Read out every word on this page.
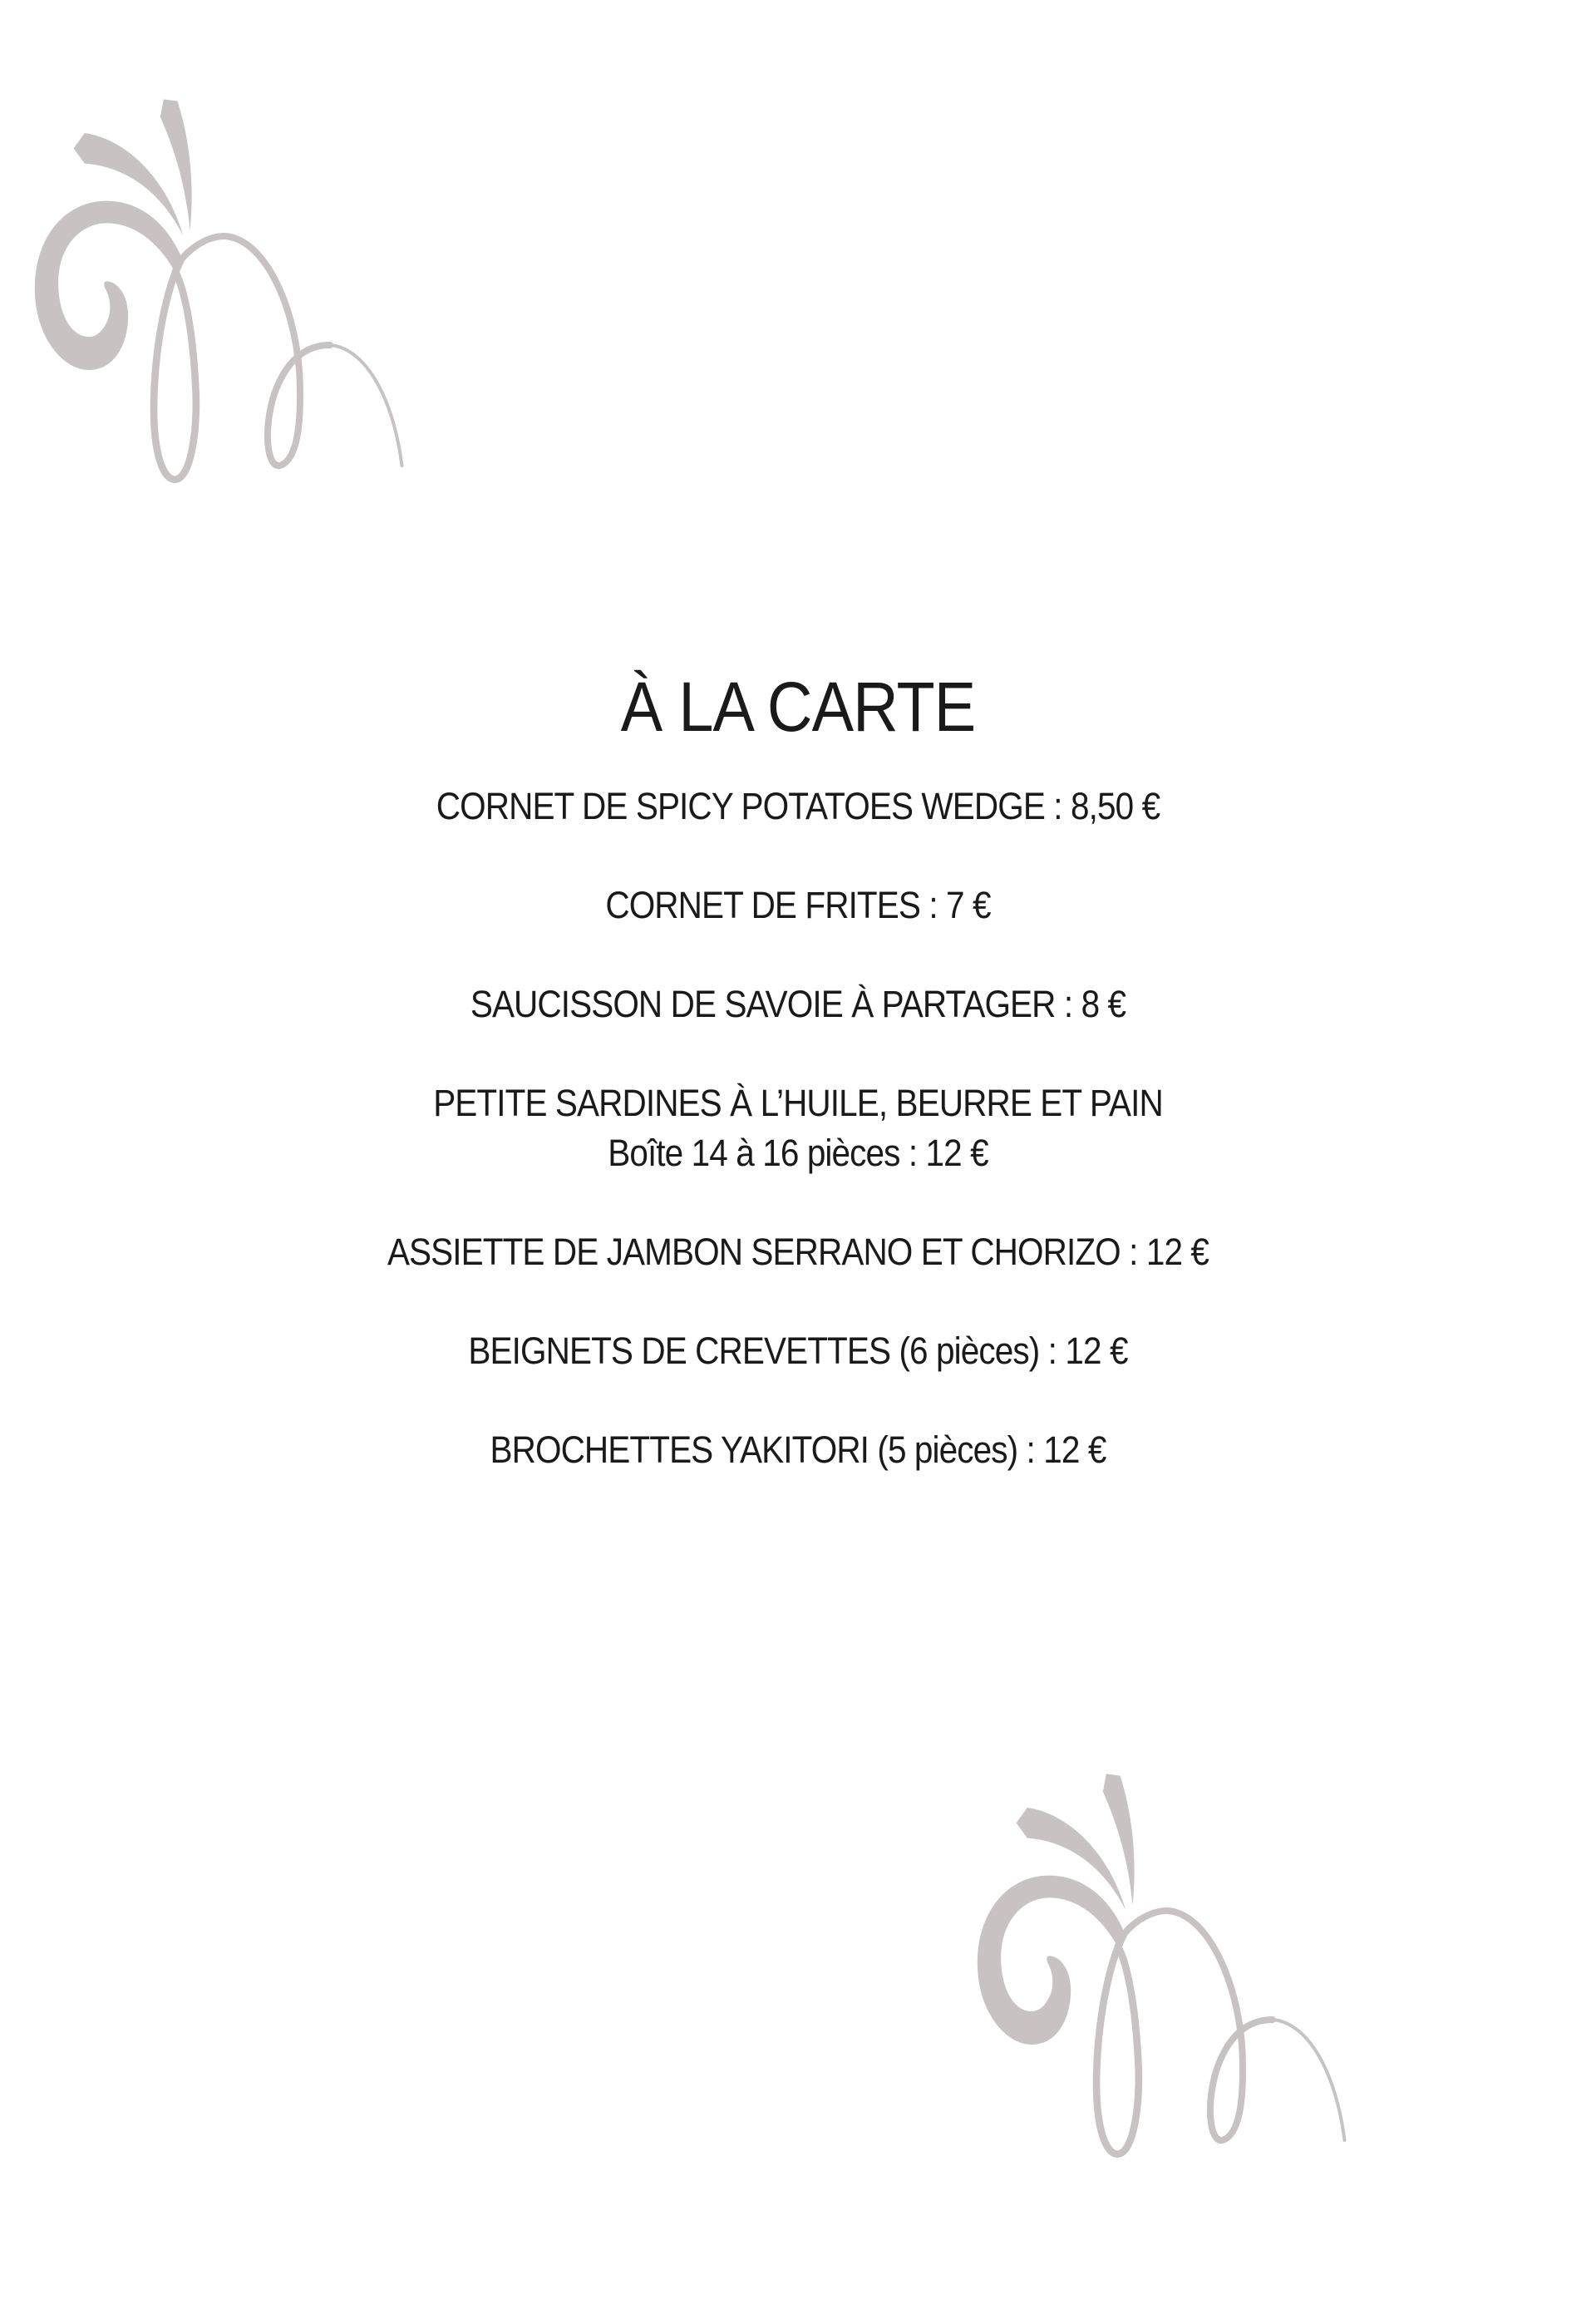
À LA CARTE
CORNET DE SPICY POTATOES WEDGE : 8,50 €
CORNET DE FRITES : 7 €
SAUCISSON DE SAVOIE À PARTAGER : 8 €
PETITE SARDINES À L’HUILE, BEURRE ET PAIN
Boîte 14 à 16 pièces : 12 €
ASSIETTE DE JAMBON SERRANO ET CHORIZO : 12 €
BEIGNETS DE CREVETTES (6 pièces) : 12 €
BROCHETTES YAKITORI (5 pièces) : 12 €
